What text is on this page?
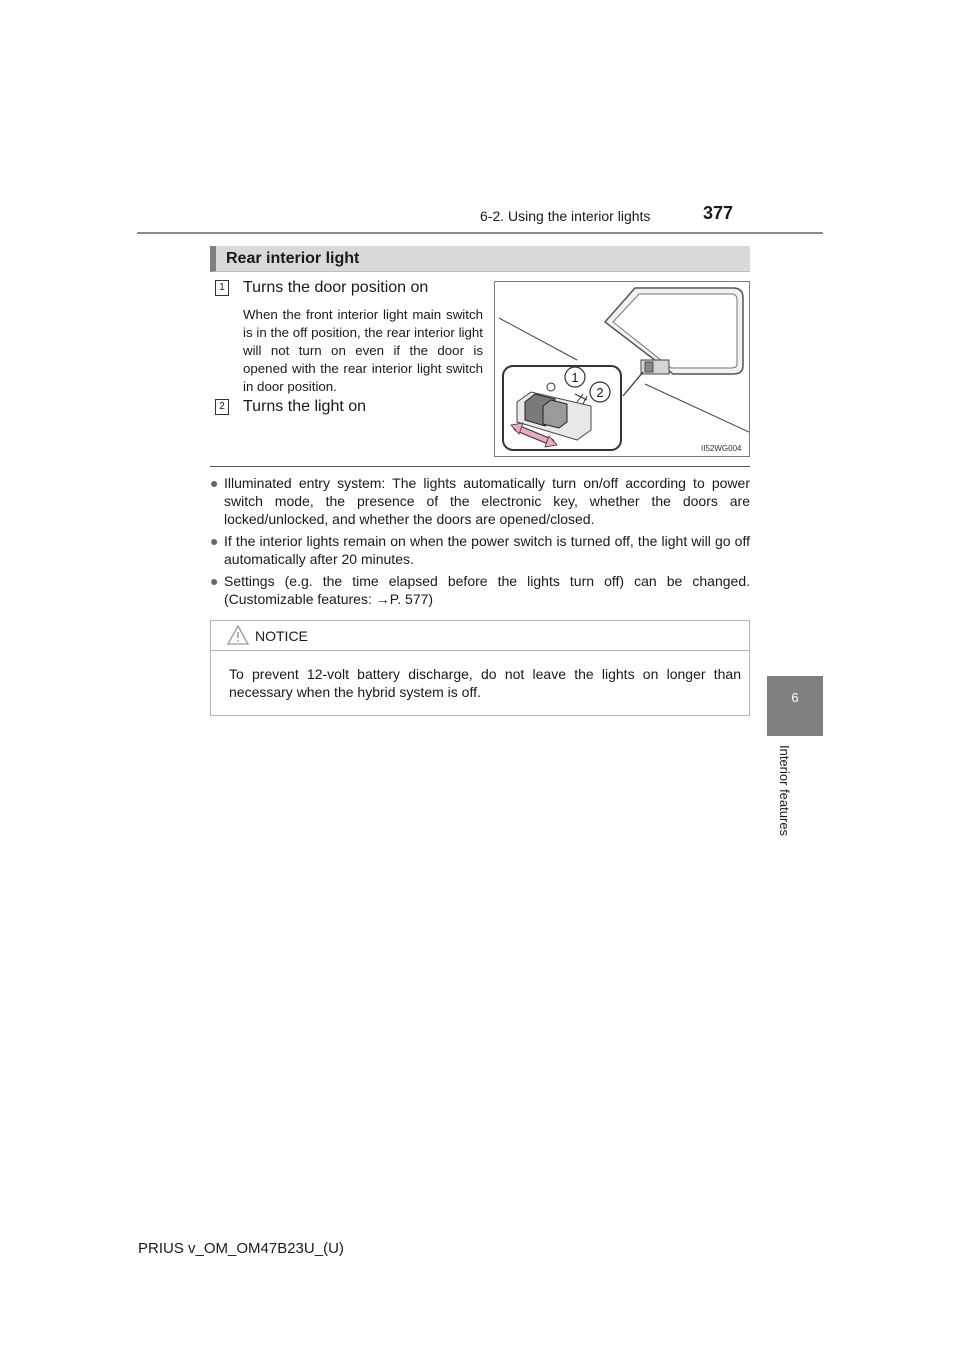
6-2. Using the interior lights	377
6
Interior features
Rear interior light
1 Turns the door position on
When the front interior light main switch is in the off position, the rear interior light will not turn on even if the door is opened with the rear interior light switch in door position.
2 Turns the light on
1
2
II52WG004
● Illuminated entry system: The lights automatically turn on/off according to power switch mode, the presence of the electronic key, whether the doors are locked/unlocked, and whether the doors are opened/closed.
● If the interior lights remain on when the power switch is turned off, the light will go off automatically after 20 minutes.
● Settings (e.g. the time elapsed before the lights turn off) can be changed. (Customizable features: →P. 577)
NOTICE
To prevent 12-volt battery discharge, do not leave the lights on longer than necessary when the hybrid system is off.
PRIUS v_OM_OM47B23U_(U)
